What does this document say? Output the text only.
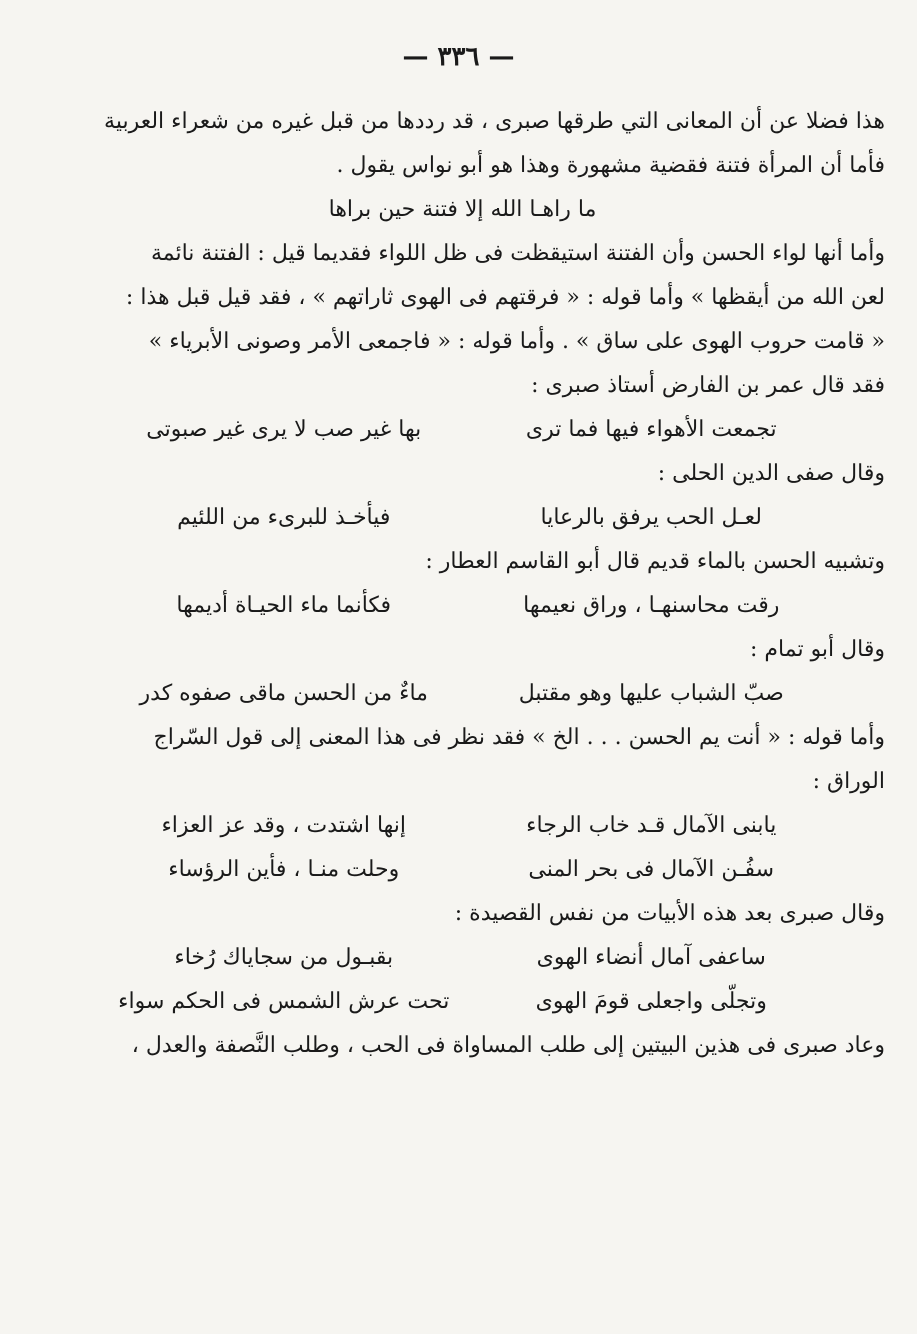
— ٣٣٦ —
هذا فضلا عن أن المعانى التي طرقها صبرى ، قد رددها من قبل غيره من شعراء العربية
فأما أن المرأة فتنة فقضية مشهورة وهذا هو أبو نواس يقول .
ما راهـا الله إلا فتنة حين براها
وأما أنها لواء الحسن وأن الفتنة استيقظت فى ظل اللواء فقديما قيل : الفتنة نائمة
لعن الله من أيقظها » وأما قوله : « فرقتهم فى الهوى ثاراتهم » ، فقد قيل قبل هذا :
« قامت حروب الهوى على ساق » . وأما قوله : « فاجمعى الأمر وصونى الأبرياء »
فقد قال عمر بن الفارض أستاذ صبرى :
تجمعت الأهواء فيها فما ترى
بها غير صب لا يرى غير صبوتى
وقال صفى الدين الحلى :
لعـل الحب يرفق بالرعايا
فيأخـذ للبرىء من اللئيم
وتشبيه الحسن بالماء قديم قال أبو القاسم العطار :
رقت محاسنهـا ، وراق نعيمها
فكأنما ماء الحيـاة أديمها
وقال أبو تمام :
صبّ الشباب عليها وهو مقتبل
ماءٌ من الحسن ماقى صفوه كدر
وأما قوله : « أنت يم الحسن . . . الخ » فقد نظر فى هذا المعنى إلى قول السّراج
الوراق :
يابنى الآمال قـد خاب الرجاء
إنها اشتدت ، وقد عز العزاء
سفُـن الآمال فى بحر المنى
وحلت منـا ، فأين الرؤساء
وقال صبرى بعد هذه الأبيات من نفس القصيدة :
ساعفى آمال أنضاء الهوى
بقبـول من سجاياك رُخاء
وتجلّى واجعلى قومَ الهوى
تحت عرش الشمس فى الحكم سواء
وعاد صبرى فى هذين البيتين إلى طلب المساواة فى الحب ، وطلب النَّصفة والعدل ،
